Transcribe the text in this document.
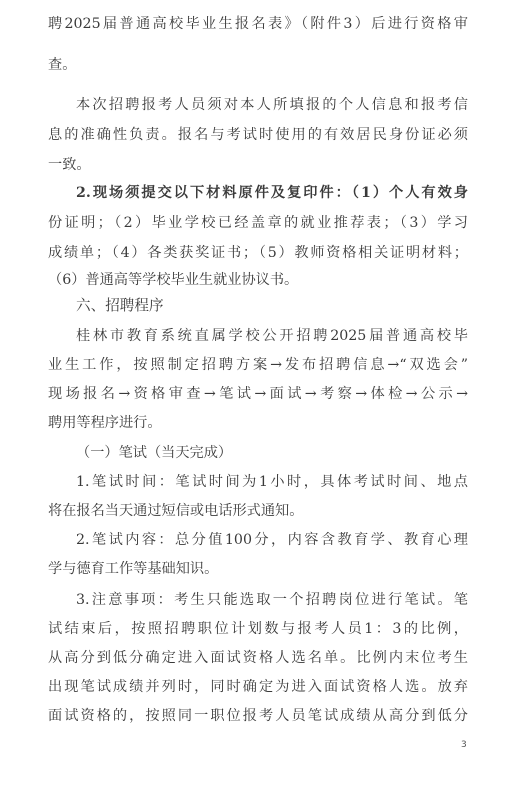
聘2025届普通高校毕业生报名表》（附件3）后进行资格审
查。
本次招聘报考人员须对本人所填报的个人信息和报考信
息的准确性负责。报名与考试时使用的有效居民身份证必须
一致。
2.现场须提交以下材料原件及复印件：（1）个人有效身
份证明；（2）毕业学校已经盖章的就业推荐表；（3）学习
成绩单；（4）各类获奖证书；（5）教师资格相关证明材料；
（6）普通高等学校毕业生就业协议书。
六、招聘程序
桂林市教育系统直属学校公开招聘2025届普通高校毕
业生工作，按照制定招聘方案→发布招聘信息→“双选会”
现场报名→资格审查→笔试→面试→考察→体检→公示→
聘用等程序进行。
（一）笔试（当天完成）
1.笔试时间：笔试时间为1小时，具体考试时间、地点
将在报名当天通过短信或电话形式通知。
2.笔试内容：总分值100分，内容含教育学、教育心理
学与德育工作等基础知识。
3.注意事项：考生只能选取一个招聘岗位进行笔试。笔
试结束后，按照招聘职位计划数与报考人员1：3的比例，
从高分到低分确定进入面试资格人选名单。比例内末位考生
出现笔试成绩并列时，同时确定为进入面试资格人选。放弃
面试资格的，按照同一职位报考人员笔试成绩从高分到低分
3
